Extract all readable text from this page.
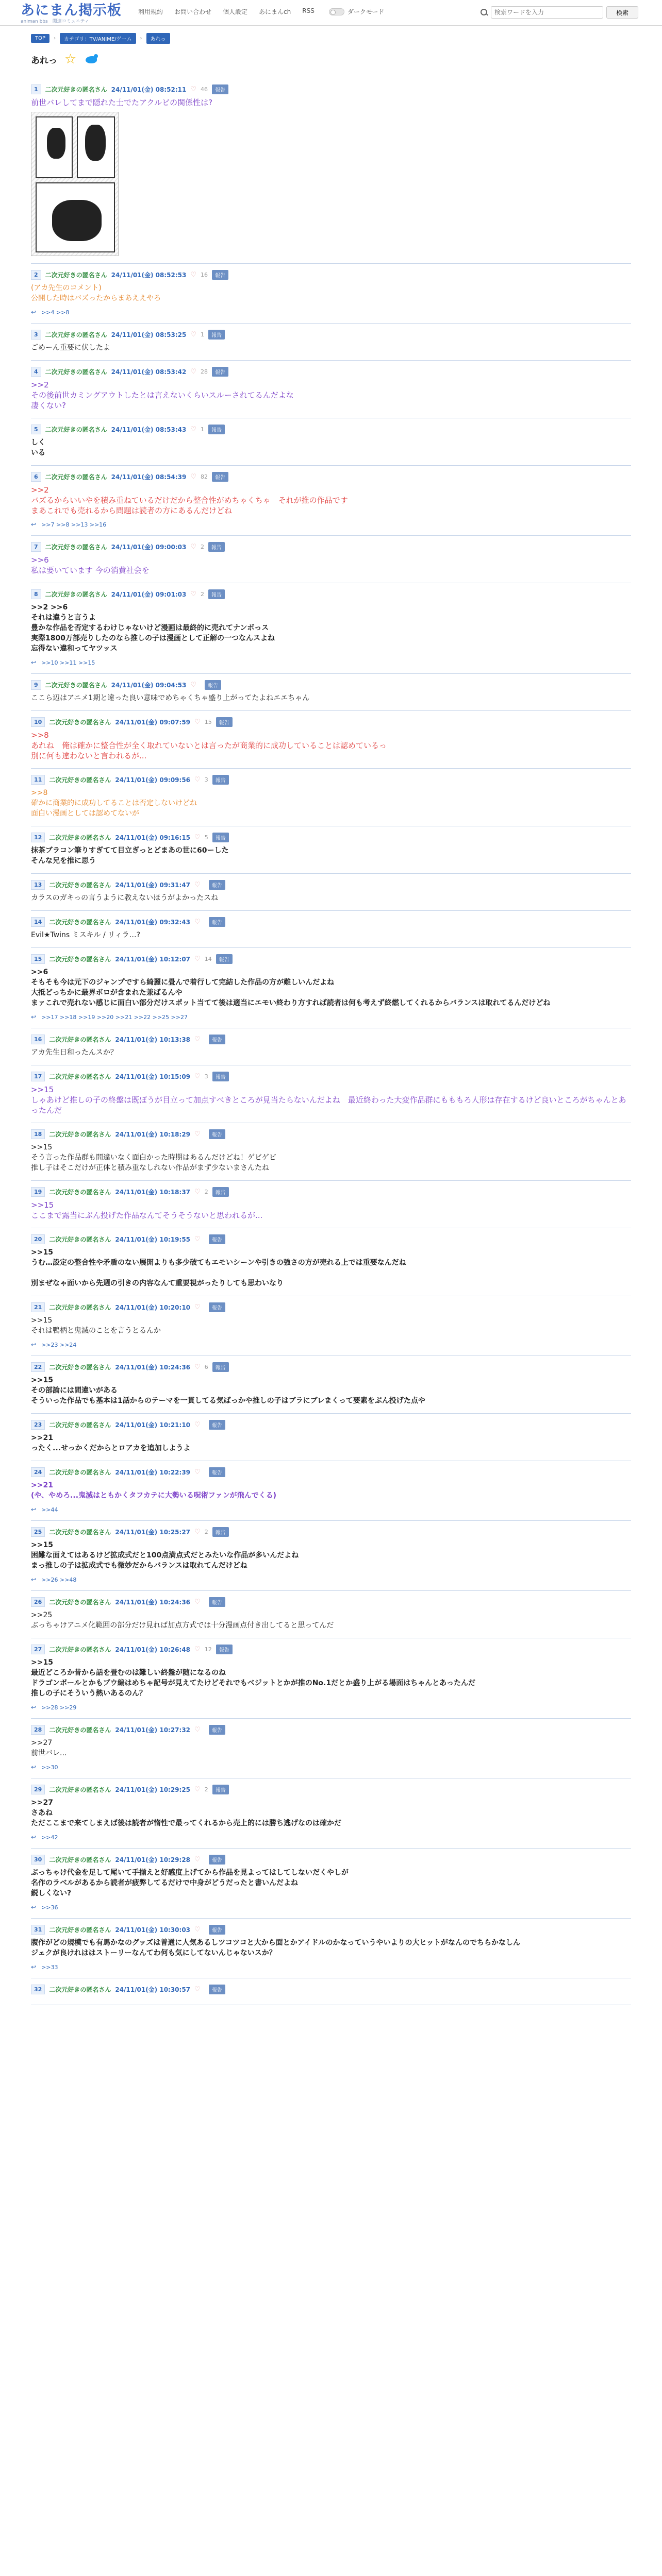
あにまん掲示板
animan bbs　関連コミュニティ
利用規約 お問い合わせ 個人設定 あにまんch RSS	ダークモード
検索ワードを入力	検索
TOP	›	カテゴリ：TV/ANIME/ゲーム	›	あれっ
あれっ ☆
1	二次元好きの匿名さん 24/11/01(金) 08:52:11 ♡ 46	報告
前世バレしてまで隠れた士でたアクルビの関係性は?
2	二次元好きの匿名さん 24/11/01(金) 08:52:53 ♡ 16	報告
(アカ先生のコメント)
公開した時はバズったからまあええやろ
↩ >>4 >>8
3	二次元好きの匿名さん 24/11/01(金) 08:53:25 ♡ 1	報告
ごめーん重要に伏したよ
4	二次元好きの匿名さん 24/11/01(金) 08:53:42 ♡ 28	報告
>>2
その後前世カミングアウトしたとは言えないくらいスルーされてるんだよな
凄くない?
5	二次元好きの匿名さん 24/11/01(金) 08:53:43 ♡ 1	報告
しく
いる
6	二次元好きの匿名さん 24/11/01(金) 08:54:39 ♡ 82	報告
>>2
バズるからいいやを積み重ねているだけだから整合性がめちゃくちゃ　それが推の作品です
まあこれでも売れるから問題は読者の方にあるんだけどね
↩ >>7 >>8 >>13 >>16
7	二次元好きの匿名さん 24/11/01(金) 09:00:03 ♡ 2	報告
>>6
私は要いています 今の消費社会を
8	二次元好きの匿名さん 24/11/01(金) 09:01:03 ♡ 2	報告
>>2 >>6
それは違うと言うよ
豊かな作品を否定するわけじゃないけど漫画は最終的に売れてナンボっス
実際1800万部売りしたのなら推しの子は漫画として正解の一つなんスよね
忘得ない違和ってヤツッス
↩ >>10 >>11 >>15
9	二次元好きの匿名さん 24/11/01(金) 09:04:53 ♡	報告
ここら辺はアニメ1期と違った良い意味でめちゃくちゃ盛り上がってたよねエエちゃん
10	二次元好きの匿名さん 24/11/01(金) 09:07:59 ♡ 15	報告
>>8
あれね　俺は確かに整合性が全く取れていないとは言ったが商業的に成功していることは認めているっ
別に何も違わないと言われるが...
11	二次元好きの匿名さん 24/11/01(金) 09:09:56 ♡ 3	報告
>>8
確かに商業的に成功してることは否定しないけどね
面白い漫画としては認めてないが
12	二次元好きの匿名さん 24/11/01(金) 09:16:15 ♡ 5	報告
抹茶ブラコン筆りすぎてて目立ぎっとどまあの世に60ーした
そんな兄を推に思う
13	二次元好きの匿名さん 24/11/01(金) 09:31:47 ♡	報告
カラスのガキっの言うように教えないほうがよかったスね
14	二次元好きの匿名さん 24/11/01(金) 09:32:43 ♡	報告
Evil★Twins ミスキル / リィラ…?
15	二次元好きの匿名さん 24/11/01(金) 10:12:07 ♡ 14	報告
>>6
そもそも今は元下のジャンプですら綺麗に畳んで着行して完結した作品の方が難しいんだよね
大抵どっちかに最界ボロが含まれた兼ばるんや
まァこれで売れない感じに面白い部分だけスポット当てて後は適当にエモい終わり方すれば読者は何も考えず終燃してくれるからバランスは取れてるんだけどね
↩ >>17 >>18 >>19 >>20 >>21 >>22 >>25 >>27
16	二次元好きの匿名さん 24/11/01(金) 10:13:38 ♡	報告
アカ先生日和ったんスか？
17	二次元好きの匿名さん 24/11/01(金) 10:15:09 ♡ 3	報告
>>15
しゃあけど推しの子の終盤は既ぼうが目立って加点すべきところが見当たらないんだよね　最近終わった大変作品群にもももろ人形は存在するけど良いところがちゃんとあったんだ
18	二次元好きの匿名さん 24/11/01(金) 10:18:29 ♡	報告
>>15
そう言った作品群も間違いなく面白かった時期はあるんだけどね！ゲビゲビ
推し子はそこだけが正体と積み重なしれない作品がまず少ないまさんたね
19	二次元好きの匿名さん 24/11/01(金) 10:18:37 ♡ 2	報告
>>15
ここまで露当にぶん投げた作品なんてそうそうないと思われるが...
20	二次元好きの匿名さん 24/11/01(金) 10:19:55 ♡	報告
>>15
うむ…設定の整合性や矛盾のない展開よりも多少破てもエモいシーンや引きの強さの方が売れる上では重要なんだね

別まぜなゃ面いから先週の引きの内容なんて重要視がったりしても思わいなり
21	二次元好きの匿名さん 24/11/01(金) 10:20:10 ♡	報告
>>15
それは鴨柄と鬼滅のことを言うとるんか
↩ >>23 >>24
22	二次元好きの匿名さん 24/11/01(金) 10:24:36 ♡ 6	報告
>>15
その部論には間違いがある
そういった作品でも基本は1話からのテーマを一貫してる気ばっかや推しの子はブラにブレまくって要素をぶん投げた点や
23	二次元好きの匿名さん 24/11/01(金) 10:21:10 ♡	報告
>>21
ったく...せっかくだからとロアカを追加しようよ
24	二次元好きの匿名さん 24/11/01(金) 10:22:39 ♡	報告
>>21
(や、やめろ...鬼滅はともかくタフカテに大勢いる呪術ファンが飛んでくる)
↩ >>44
25	二次元好きの匿名さん 24/11/01(金) 10:25:27 ♡ 2	報告
>>15
困難な面えてはあるけど拡成式だと100点満点式だとみたいな作品が多いんだよね
まっ推しの子は拡成式でも微妙だからバランスは取れてんだけどね
↩ >>26 >>48
26	二次元好きの匿名さん 24/11/01(金) 10:24:36 ♡	報告
>>25
ぶっちゃけアニメ化範囲の部分だけ見れば加点方式では十分漫画点付き出してると思ってんだ
27	二次元好きの匿名さん 24/11/01(金) 10:26:48 ♡ 12	報告
>>15
最近どころか昔から話を畳むのは難しい終盤が随になるのね
ドラゴンボールとかもブウ編はめちゃ記号が見えてたけどそれでもベジットとかが推のNo.1だとか盛り上がる場面はちゃんとあったんだ
推しの子にそういう熱いあるのん？
↩ >>28 >>29
28	二次元好きの匿名さん 24/11/01(金) 10:27:32 ♡	報告
>>27
前世バレ...
↩ >>30
29	二次元好きの匿名さん 24/11/01(金) 10:29:25 ♡ 2	報告
>>27
さあね
ただここまで来てしまえば後は読者が惰性で最ってくれるから売上的には勝ち逃げなのは確かだ
↩ >>42
30	二次元好きの匿名さん 24/11/01(金) 10:29:28 ♡	報告
ぶっちゃけ代金を足して尾いて手揃えと好感度上げてから作品を見よってはしてしないだくやしが
名作のラベルがあるから読者が疲弊してるだけで中身がどうだったと書いんだよね
鋭しくない?
↩ >>36
31	二次元好きの匿名さん 24/11/01(金) 10:30:03 ♡	報告
腹作がどの規模でも有馬かなのグッズは普通に人気あるしツコツコと大から面とかアイドルのかなっていうやいよりの大ヒットがなんのでちらかなしん
ジェクが良けれははストーリーなんてわ何も気にしてないんじゃないスか？
↩ >>33
32	二次元好きの匿名さん 24/11/01(金) 10:30:57 ♡	報告
